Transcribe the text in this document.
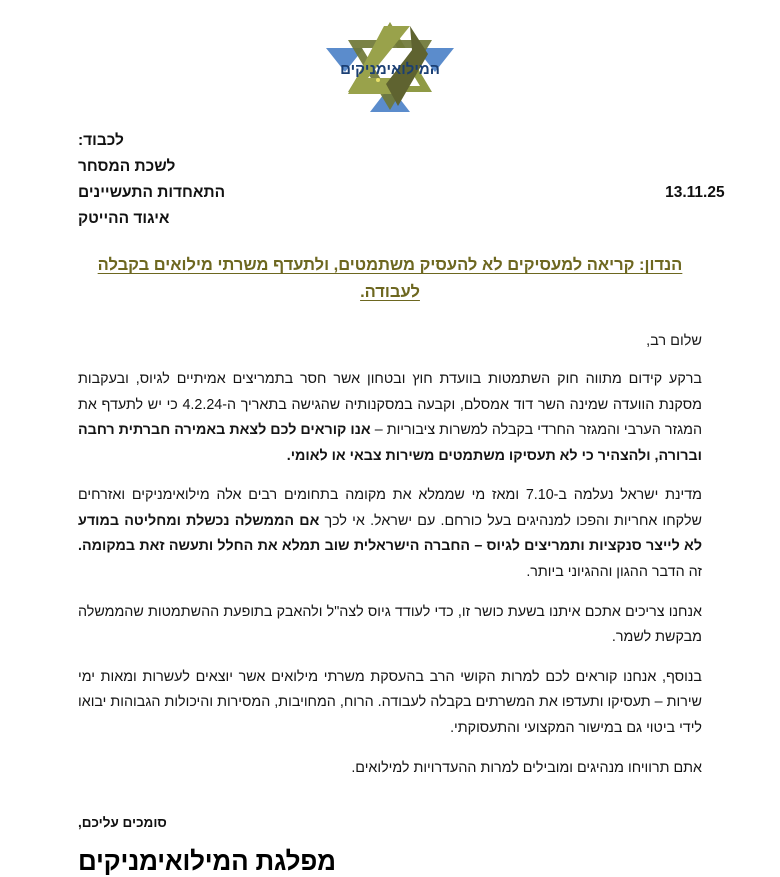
המילואימניקים
לכבוד:
לשכת המסחר
התאחדות התעשיינים	13.11.25
איגוד ההייטק
הנדון: קריאה למעסיקים לא להעסיק משתמטים, ולתעדף משרתי מילואים בקבלה לעבודה.
שלום רב,

ברקע קידום מתווה חוק השתמטות בוועדת חוץ ובטחון אשר חסר בתמריצים אמיתיים לגיוס, ובעקבות מסקנת הוועדה שמינה השר דוד אמסלם, וקבעה במסקנותיה שהגישה בתאריך ה-4.2.24 כי יש לתעדף את המגזר הערבי והמגזר החרדי בקבלה למשרות ציבוריות – אנו קוראים לכם לצאת באמירה חברתית רחבה וברורה, ולהצהיר כי לא תעסיקו משתמטים משירות צבאי או לאומי.

מדינת ישראל נעלמה ב-7.10 ומאז מי שממלא את מקומה בתחומים רבים אלה מילואימניקים ואזרחים שלקחו אחריות והפכו למנהיגים בעל כורחם. עם ישראל. אי לכך אם הממשלה נכשלת ומחליטה במודע לא לייצר סנקציות ותמריצים לגיוס – החברה הישראלית שוב תמלא את החלל ותעשה זאת במקומה. זה הדבר ההגון וההגיוני ביותר.

אנחנו צריכים אתכם איתנו בשעת כושר זו, כדי לעודד גיוס לצה"ל ולהאבק בתופעת ההשתמטות שהממשלה מבקשת לשמר.

בנוסף, אנחנו קוראים לכם למרות הקושי הרב בהעסקת משרתי מילואים אשר יוצאים לעשרות ומאות ימי שירות – תעסיקו ותעדפו את המשרתים בקבלה לעבודה. הרוח, המחויבות, המסירות והיכולות הגבוהות יבואו לידי ביטוי גם במישור המקצועי והתעסוקתי.

אתם תרוויחו מנהיגים ומובילים למרות ההעדרויות למילואים.

סומכים עליכם,
מפלגת המילואימניקים
